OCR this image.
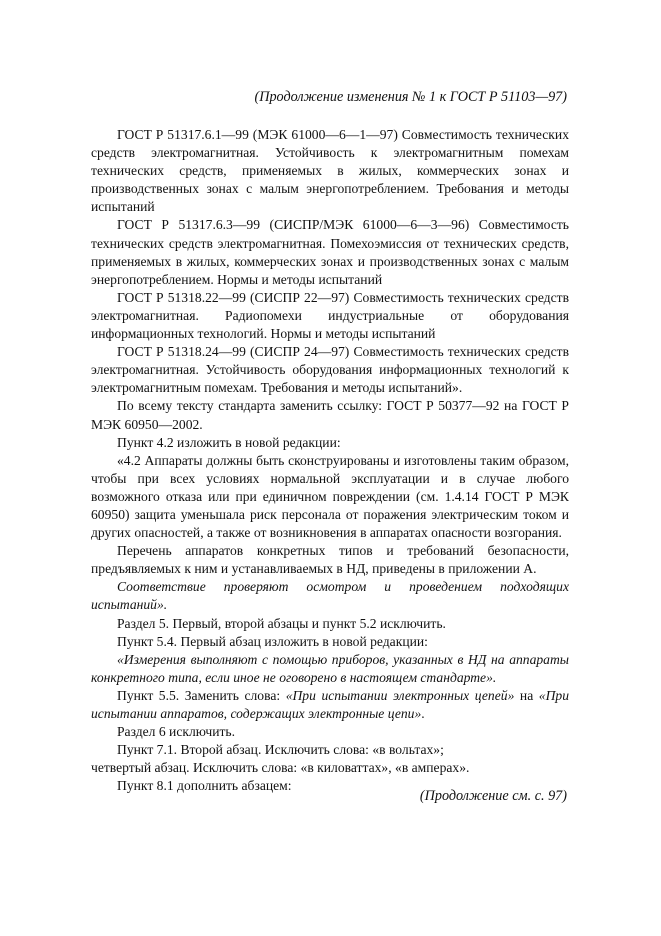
(Продолжение изменения № 1 к ГОСТ Р 51103—97)

ГОСТ Р 51317.6.1—99 (МЭК 61000—6—1—97) Совместимость технических средств электромагнитная. Устойчивость к электромагнитным помехам технических средств, применяемых в жилых, коммерческих зонах и производственных зонах с малым энергопотреблением. Требования и методы испытаний

ГОСТ Р 51317.6.3—99 (СИСПР/МЭК 61000—6—3—96) Совместимость технических средств электромагнитная. Помехоэмиссия от технических средств, применяемых в жилых, коммерческих зонах и производственных зонах с малым энергопотреблением. Нормы и методы испытаний

ГОСТ Р 51318.22—99 (СИСПР 22—97) Совместимость технических средств электромагнитная. Радиопомехи индустриальные от оборудования информационных технологий. Нормы и методы испытаний

ГОСТ Р 51318.24—99 (СИСПР 24—97) Совместимость технических средств электромагнитная. Устойчивость оборудования информационных технологий к электромагнитным помехам. Требования и методы испытаний».

По всему тексту стандарта заменить ссылку: ГОСТ Р 50377—92 на ГОСТ Р МЭК 60950—2002.

Пункт 4.2 изложить в новой редакции:

«4.2 Аппараты должны быть сконструированы и изготовлены таким образом, чтобы при всех условиях нормальной эксплуатации и в случае любого возможного отказа или при единичном повреждении (см. 1.4.14 ГОСТ Р МЭК 60950) защита уменьшала риск персонала от поражения электрическим током и других опасностей, а также от возникновения в аппаратах опасности возгорания.

Перечень аппаратов конкретных типов и требований безопасности, предъявляемых к ним и устанавливаемых в НД, приведены в приложении А.

Соответствие проверяют осмотром и проведением подходящих испытаний».

Раздел 5. Первый, второй абзацы и пункт 5.2 исключить.

Пункт 5.4. Первый абзац изложить в новой редакции:

«Измерения выполняют с помощью приборов, указанных в НД на аппараты конкретного типа, если иное не оговорено в настоящем стандарте».

Пункт 5.5. Заменить слова: «При испытании электронных цепей» на «При испытании аппаратов, содержащих электронные цепи».

Раздел 6 исключить.

Пункт 7.1. Второй абзац. Исключить слова: «в вольтах»;

четвертый абзац. Исключить слова: «в киловаттах», «в амперах».

Пункт 8.1 дополнить абзацем:

(Продолжение см. с. 97)
